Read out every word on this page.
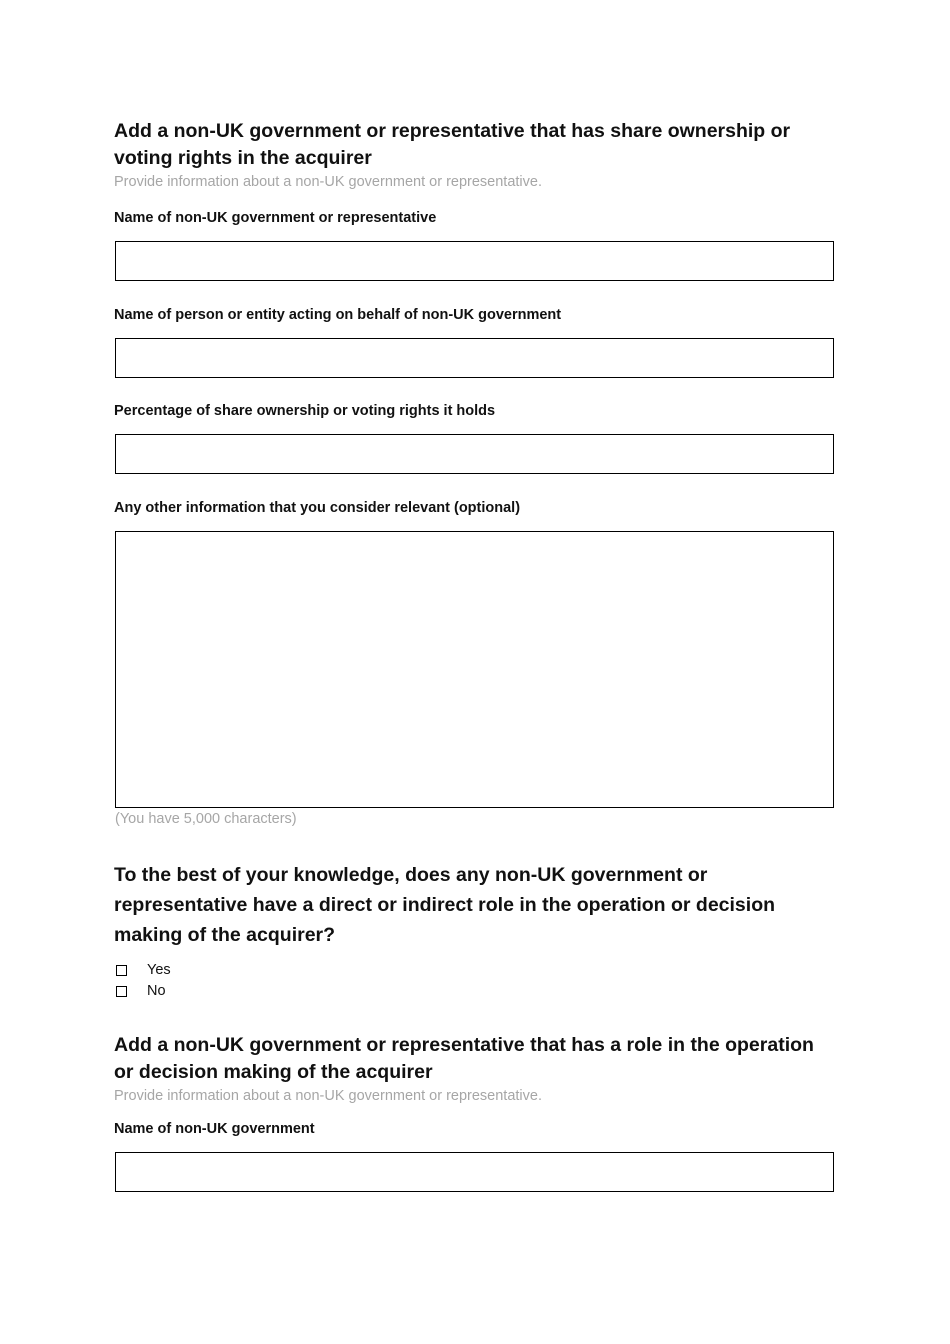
Add a non-UK government or representative that has share ownership or voting rights in the acquirer
Provide information about a non-UK government or representative.
Name of non-UK government or representative
Name of person or entity acting on behalf of non-UK government
Percentage of share ownership or voting rights it holds
Any other information that you consider relevant (optional)
(You have 5,000 characters)
To the best of your knowledge, does any non-UK government or representative have a direct or indirect role in the operation or decision making of the acquirer?
Yes
No
Add a non-UK government or representative that has a role in the operation or decision making of the acquirer
Provide information about a non-UK government or representative.
Name of non-UK government
